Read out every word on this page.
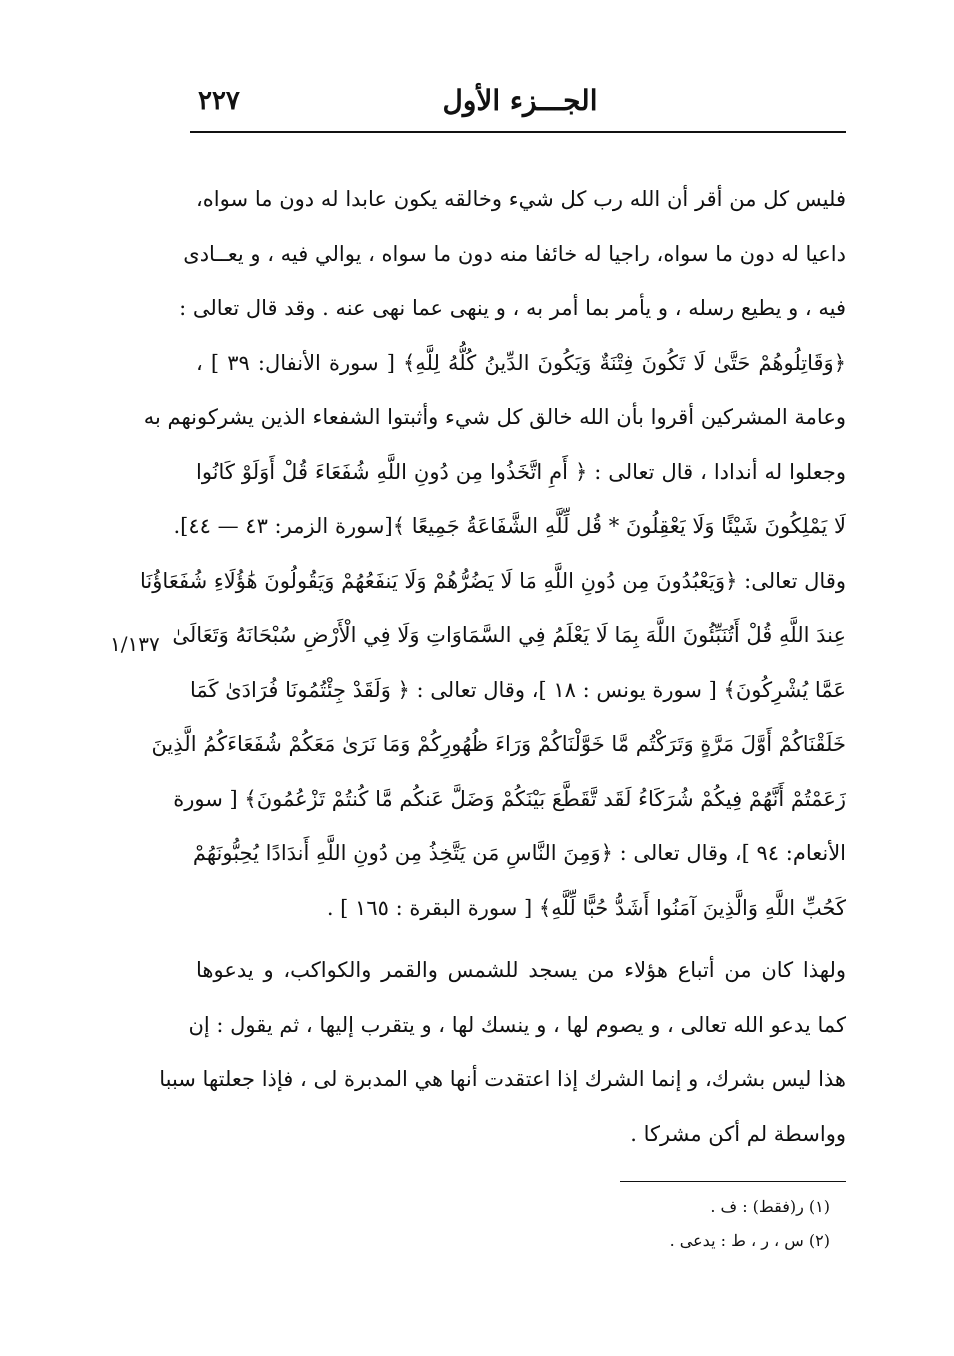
٢٢٧	الجـــزء الأول
١/١٣٧
فليس كل من أقر أن الله رب كل شيء وخالقه يكون عابدا له دون ما سواه،
داعيا له دون ما سواه، راجيا له خائفا منه دون ما سواه ، يوالي فيه ، و يعــادى
فيه ، و يطيع رسله ، و يأمر بما أمر به ، و ينهى عما نهى عنه . وقد قال تعالى :
﴿وَقَاتِلُوهُمْ حَتَّىٰ لَا تَكُونَ فِتْنَةٌ وَيَكُونَ الدِّينُ كُلُّهُ لِلَّهِ﴾ [ سورة الأنفال: ٣٩ ] ،
وعامة المشركين أقروا بأن الله خالق كل شيء وأثبتوا الشفعاء الذين يشركونهم به
وجعلوا له أندادا ، قال تعالى : ﴿ أَمِ اتَّخَذُوا مِن دُونِ اللَّهِ شُفَعَاءَ قُلْ أَوَلَوْ كَانُوا
لَا يَمْلِكُونَ شَيْئًا وَلَا يَعْقِلُونَ * قُل لِّلَّهِ الشَّفَاعَةُ جَمِيعًا ﴾[سورة الزمر: ٤٣ — ٤٤].
وقال تعالى: ﴿وَيَعْبُدُونَ مِن دُونِ اللَّهِ مَا لَا يَضُرُّهُمْ وَلَا يَنفَعُهُمْ وَيَقُولُونَ هَٰؤُلَاءِ شُفَعَاؤُنَا
عِندَ اللَّهِ قُلْ أَتُنَبِّئُونَ اللَّهَ بِمَا لَا يَعْلَمُ فِي السَّمَاوَاتِ وَلَا فِي الْأَرْضِ سُبْحَانَهُ وَتَعَالَىٰ
عَمَّا يُشْرِكُونَ﴾ [ سورة يونس : ١٨ ]، وقال تعالى : ﴿ وَلَقَدْ جِئْتُمُونَا فُرَادَىٰ كَمَا
خَلَقْنَاكُمْ أَوَّلَ مَرَّةٍ وَتَرَكْتُم مَّا خَوَّلْنَاكُمْ وَرَاءَ ظُهُورِكُمْ وَمَا نَرَىٰ مَعَكُمْ شُفَعَاءَكُمُ الَّذِينَ
زَعَمْتُمْ أَنَّهُمْ فِيكُمْ شُرَكَاءُ لَقَد تَّقَطَّعَ بَيْنَكُمْ وَضَلَّ عَنكُم مَّا كُنتُمْ تَزْعُمُونَ﴾ [ سورة
الأنعام: ٩٤ ]، وقال تعالى : ﴿وَمِنَ النَّاسِ مَن يَتَّخِذُ مِن دُونِ اللَّهِ أَندَادًا يُحِبُّونَهُمْ
كَحُبِّ اللَّهِ وَالَّذِينَ آمَنُوا أَشَدُّ حُبًّا لِّلَّهِ﴾ [ سورة البقرة : ١٦٥ ] .
ولهذا كان من أتباع هؤلاء من يسجد للشمس والقمر والكواكب، و يدعوها
كما يدعو الله تعالى ، و يصوم لها ، و ينسك لها ، و يتقرب إليها ، ثم يقول : إن
هذا ليس بشرك، و إنما الشرك إذا اعتقدت أنها هي المدبرة لى ، فإذا جعلتها سببا
وواسطة لم أكن مشركا .
(١) ر(فقط) : ف .
(٢) س ، ر ، ط : يدعى .
